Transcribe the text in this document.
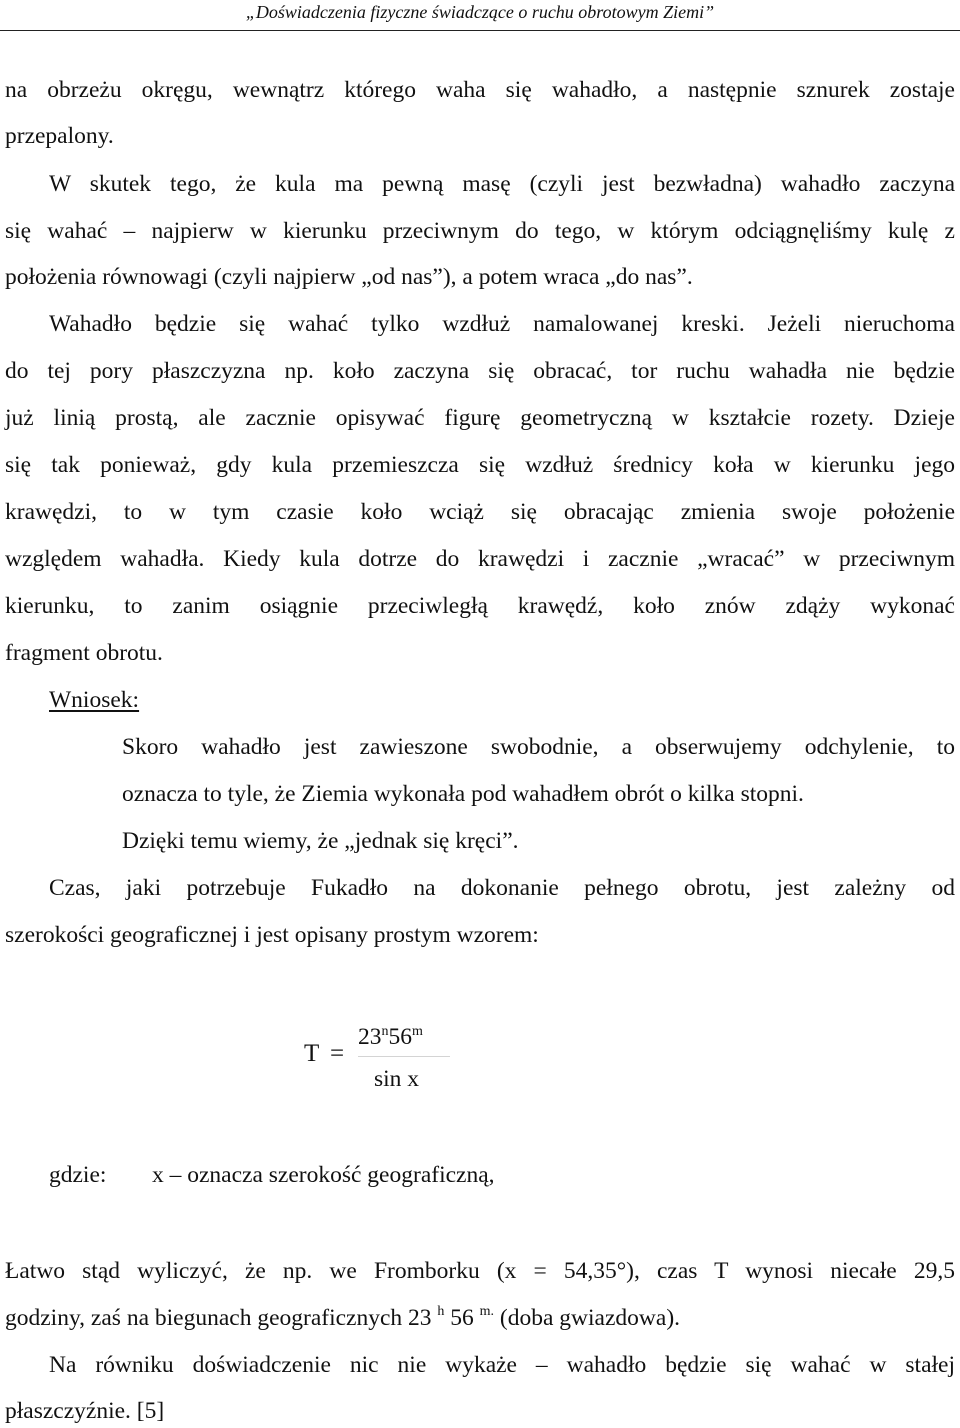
„Doświadczenia fizyczne świadczące o ruchu obrotowym Ziemi”
na obrzeżu okręgu, wewnątrz którego waha się wahadło, a następnie sznurek zostaje
przepalony.
W skutek tego, że kula ma pewną masę (czyli jest bezwładna) wahadło zaczyna
się wahać – najpierw w kierunku przeciwnym do tego, w którym odciągnęliśmy kulę z
położenia równowagi (czyli najpierw „od nas”), a potem wraca „do nas”.
Wahadło będzie się wahać tylko wzdłuż namalowanej kreski. Jeżeli nieruchoma
do tej pory płaszczyzna np. koło zaczyna się obracać, tor ruchu wahadła nie będzie
już linią prostą, ale zacznie opisywać figurę geometryczną w kształcie rozety. Dzieje
się tak ponieważ, gdy kula przemieszcza się wzdłuż średnicy koła w kierunku jego
krawędzi, to w tym czasie koło wciąż się obracając zmienia swoje położenie
względem wahadła. Kiedy kula dotrze do krawędzi i zacznie „wracać” w przeciwnym
kierunku, to zanim osiągnie przeciwległą krawędź, koło znów zdąży wykonać
fragment obrotu.
Wniosek:
Skoro wahadło jest zawieszone swobodnie, a obserwujemy odchylenie, to
oznacza to tyle, że Ziemia wykonała pod wahadłem obrót o kilka stopni.
Dzięki temu wiemy, że „jednak się kręci”.
Czas, jaki potrzebuje Fukadło na dokonanie pełnego obrotu, jest zależny od
szerokości geograficznej i jest opisany prostym wzorem:
T =
$23^n56^m$
sin x
gdzie: x – oznacza szerokość geograficzną,
Łatwo stąd wyliczyć, że np. we Fromborku (x = 54,35°), czas T wynosi niecałe 29,5
godziny, zaś na biegunach geograficznych 23 $^h$ 56 $^{m.}$ (doba gwiazdowa).
Na równiku doświadczenie nic nie wykaże – wahadło będzie się wahać w stałej
płaszczyźnie. [5]
